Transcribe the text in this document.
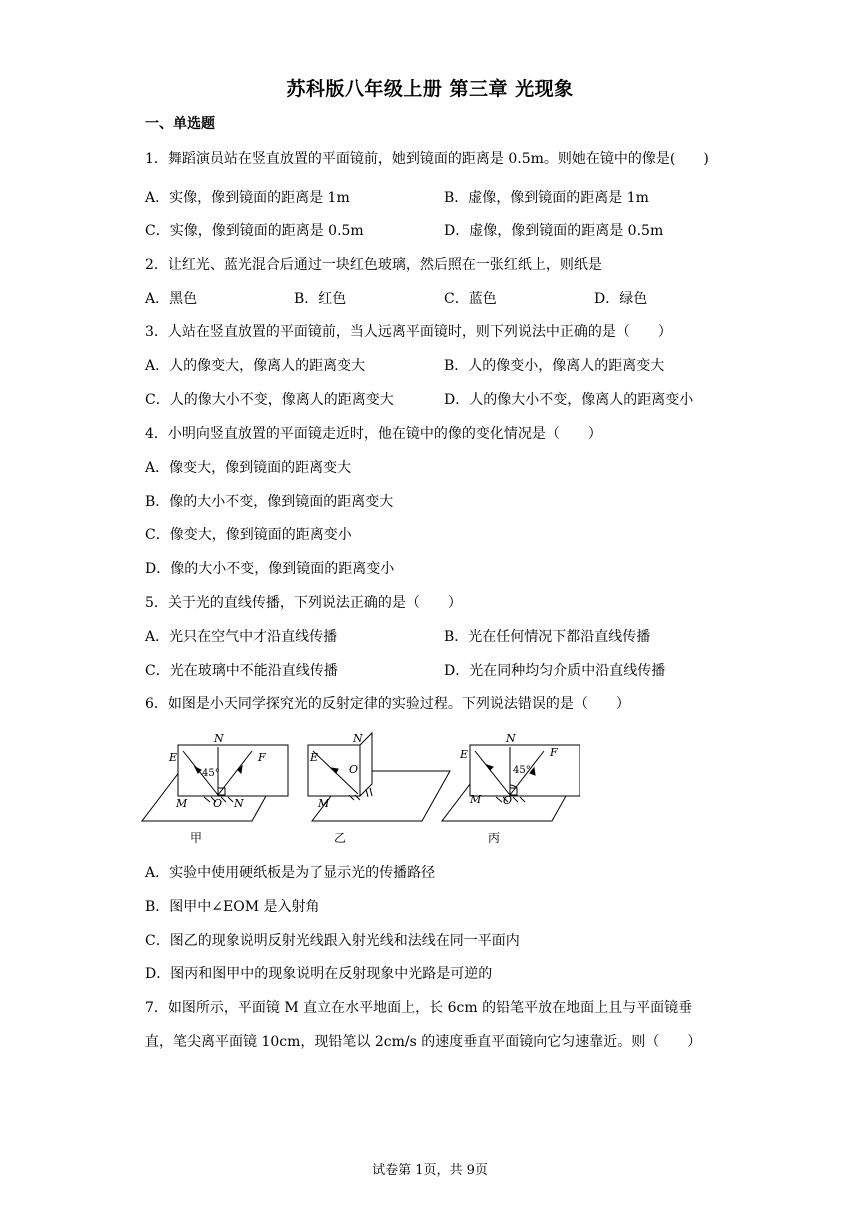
苏科版八年级上册 第三章 光现象
一、单选题
1．舞蹈演员站在竖直放置的平面镜前，她到镜面的距离是 0.5m。则她在镜中的像是(　　)
A．实像，像到镜面的距离是 1m	B．虚像，像到镜面的距离是 1m
C．实像，像到镜面的距离是 0.5m	D．虚像，像到镜面的距离是 0.5m
2．让红光、蓝光混合后通过一块红色玻璃，然后照在一张红纸上，则纸是
A．黑色	B．红色	C．蓝色	D．绿色
3．人站在竖直放置的平面镜前，当人远离平面镜时，则下列说法中正确的是（　　）
A．人的像变大，像离人的距离变大	B．人的像变小，像离人的距离变大
C．人的像大小不变，像离人的距离变大	D．人的像大小不变，像离人的距离变小
4．小明向竖直放置的平面镜走近时，他在镜中的像的变化情况是（　　）
A．像变大，像到镜面的距离变大
B．像的大小不变，像到镜面的距离变大
C．像变大，像到镜面的距离变小
D．像的大小不变，像到镜面的距离变小
5．关于光的直线传播，下列说法正确的是（　　）
A．光只在空气中才沿直线传播	B．光在任何情况下都沿直线传播
C．光在玻璃中不能沿直线传播	D．光在同种均匀介质中沿直线传播
6．如图是小天同学探究光的反射定律的实验过程。下列说法错误的是（　　）
N
E	F
M O N
45°
N
E
O
M
N
E	F
M O
45°
甲	乙	丙
A．实验中使用硬纸板是为了显示光的传播路径
B．图甲中∠EOM 是入射角
C．图乙的现象说明反射光线跟入射光线和法线在同一平面内
D．图丙和图甲中的现象说明在反射现象中光路是可逆的
7．如图所示，平面镜 M 直立在水平地面上，长 6cm 的铅笔平放在地面上且与平面镜垂
直，笔尖离平面镜 10cm，现铅笔以 2cm/s 的速度垂直平面镜向它匀速靠近。则（　　）
试卷第 1页，共 9页
